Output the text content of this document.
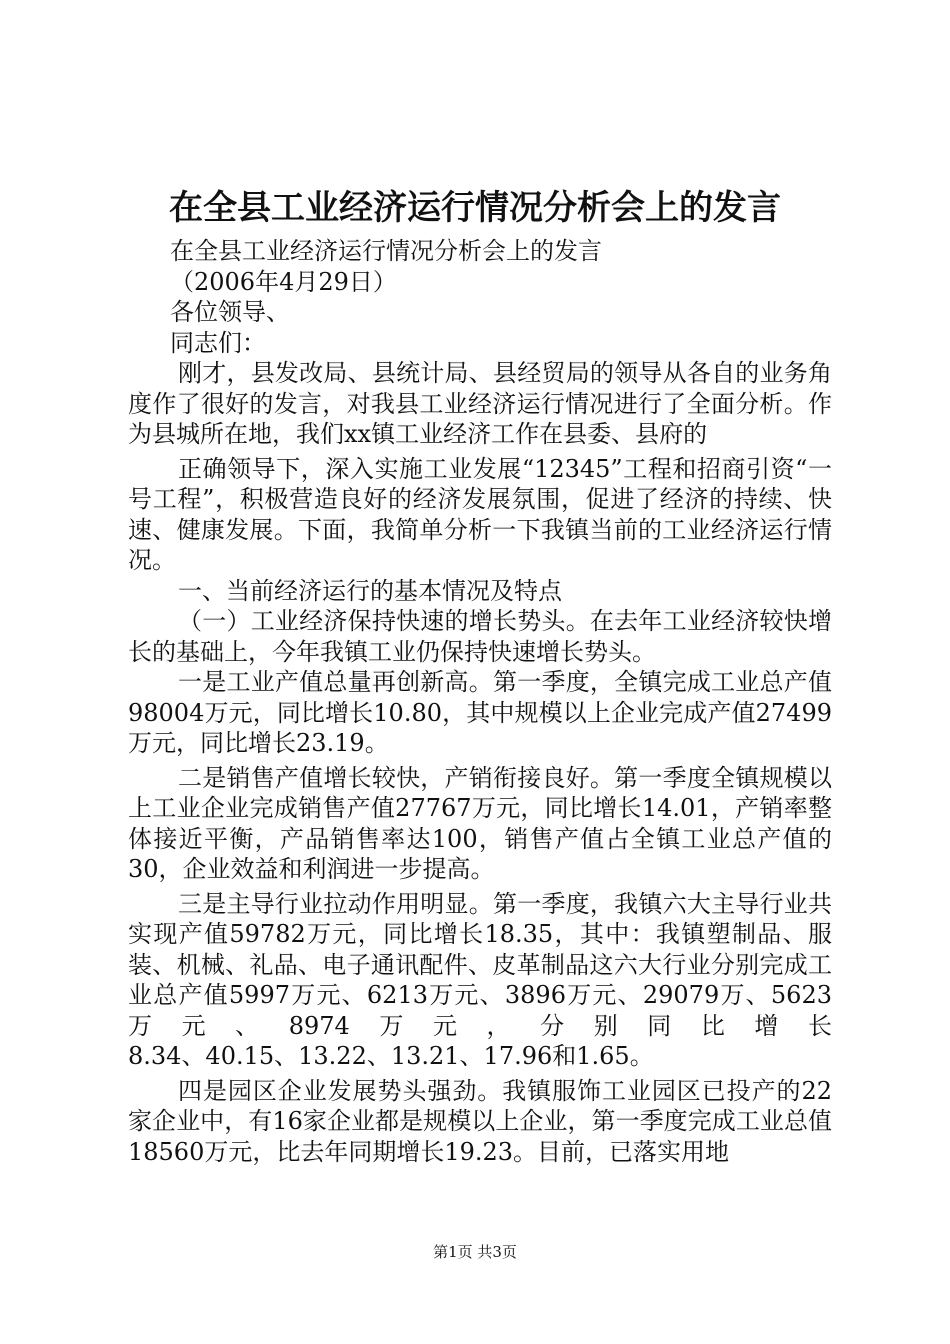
在全县工业经济运行情况分析会上的发言

在全县工业经济运行情况分析会上的发言

（2006年4月29日）

各位领导、

同志们：

刚才，县发改局、县统计局、县经贸局的领导从各自的业务角度作了很好的发言，对我县工业经济运行情况进行了全面分析。作为县城所在地，我们xx镇工业经济工作在县委、县府的

正确领导下，深入实施工业发展“12345”工程和招商引资“一号工程”，积极营造良好的经济发展氛围，促进了经济的持续、快速、健康发展。下面，我简单分析一下我镇当前的工业经济运行情况。

一、当前经济运行的基本情况及特点

（一）工业经济保持快速的增长势头。在去年工业经济较快增长的基础上，今年我镇工业仍保持快速增长势头。

一是工业产值总量再创新高。第一季度，全镇完成工业总产值98004万元，同比增长10.80，其中规模以上企业完成产值27499万元，同比增长23.19。

二是销售产值增长较快，产销衔接良好。第一季度全镇规模以上工业企业完成销售产值27767万元，同比增长14.01，产销率整体接近平衡，产品销售率达100，销售产值占全镇工业总产值的30，企业效益和利润进一步提高。

三是主导行业拉动作用明显。第一季度，我镇六大主导行业共实现产值59782万元，同比增长18.35，其中：我镇塑制品、服装、机械、礼品、电子通讯配件、皮革制品这六大行业分别完成工业总产值5997万元、6213万元、3896万元、29079万、5623万元、8974万元，分别同比增长

8.34、40.15、13.22、13.21、17.96和1.65。

四是园区企业发展势头强劲。我镇服饰工业园区已投产的22家企业中，有16家企业都是规模以上企业，第一季度完成工业总值18560万元，比去年同期增长19.23。目前，已落实用地

第1页 共3页
